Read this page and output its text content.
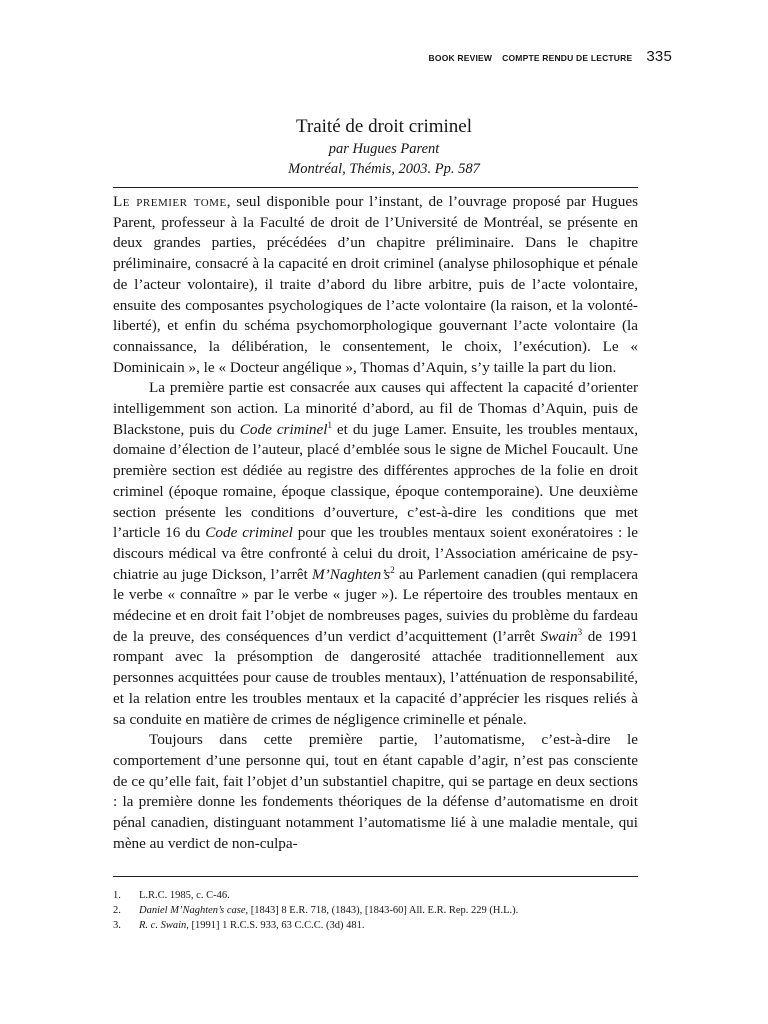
BOOK REVIEW COMPTE RENDU DE LECTURE 335

Traité de droit criminel

par Hugues Parent

Montréal, Thémis, 2003. Pp. 587

Le premier tome, seul disponible pour l’instant, de l’ouvrage proposé par Hugues Parent, professeur à la Faculté de droit de l’Université de Montréal, se présente en deux grandes parties, précédées d’un chapitre préliminaire. Dans le chapitre préliminaire, consacré à la capacité en droit criminel (analyse philosophique et pénale de l’acteur volontaire), il traite d’abord du libre arbitre, puis de l’acte volontaire, ensuite des composantes psychologiques de l’acte volontaire (la raison, et la volonté-liberté), et enfin du schéma psychomorphologique gouvernant l’acte volontaire (la connaissance, la délibération, le consentement, le choix, l’exécution). Le « Dominicain », le « Docteur angélique », Thomas d’Aquin, s’y taille la part du lion.

La première partie est consacrée aux causes qui affectent la capacité d’orienter intelligemment son action. La minorité d’abord, au fil de Thomas d’Aquin, puis de Blackstone, puis du Code criminel$^1$ et du juge Lamer. Ensuite, les troubles mentaux, domaine d’élection de l’auteur, placé d’emblée sous le signe de Michel Foucault. Une première section est dédiée au registre des différentes approches de la folie en droit criminel (époque romaine, époque classique, époque contemporaine). Une deuxième section présente les conditions d’ouverture, c’est-à-dire les conditions que met l’article 16 du Code criminel pour que les troubles mentaux soient exonératoires : le discours médical va être confronté à celui du droit, l’Association américaine de psychiatrie au juge Dickson, l’arrêt $M’Naghten’s^2$ au Parlement canadien (qui remplacera le verbe « connaître » par le verbe « juger »). Le répertoire des troubles mentaux en médecine et en droit fait l’objet de nombreuses pages, suivies du problème du fardeau de la preuve, des conséquences d’un verdict d’acquittement (l’arrêt Swain$^3$ de 1991 rompant avec la présomption de dangerosité attachée traditionnellement aux personnes acquittées pour cause de troubles mentaux), l’atténuation de responsabilité, et la relation entre les troubles mentaux et la capacité d’apprécier les risques reliés à sa conduite en matière de crimes de négligence criminelle et pénale.

Toujours dans cette première partie, l’automatisme, c’est-à-dire le comportement d’une personne qui, tout en étant capable d’agir, n’est pas consciente de ce qu’elle fait, fait l’objet d’un substantiel chapitre, qui se partage en deux sections : la première donne les fondements théoriques de la défense d’automatisme en droit pénal canadien, distinguant notamment l’automatisme lié à une maladie mentale, qui mène au verdict de non-culpa-

1.	L.R.C. 1985, c. C-46.
2.	Daniel M’Naghten’s case, [1843] 8 E.R. 718, (1843), [1843-60] All. E.R. Rep. 229 (H.L.).
3.	R. c. Swain, [1991] 1 R.C.S. 933, 63 C.C.C. (3d) 481.
